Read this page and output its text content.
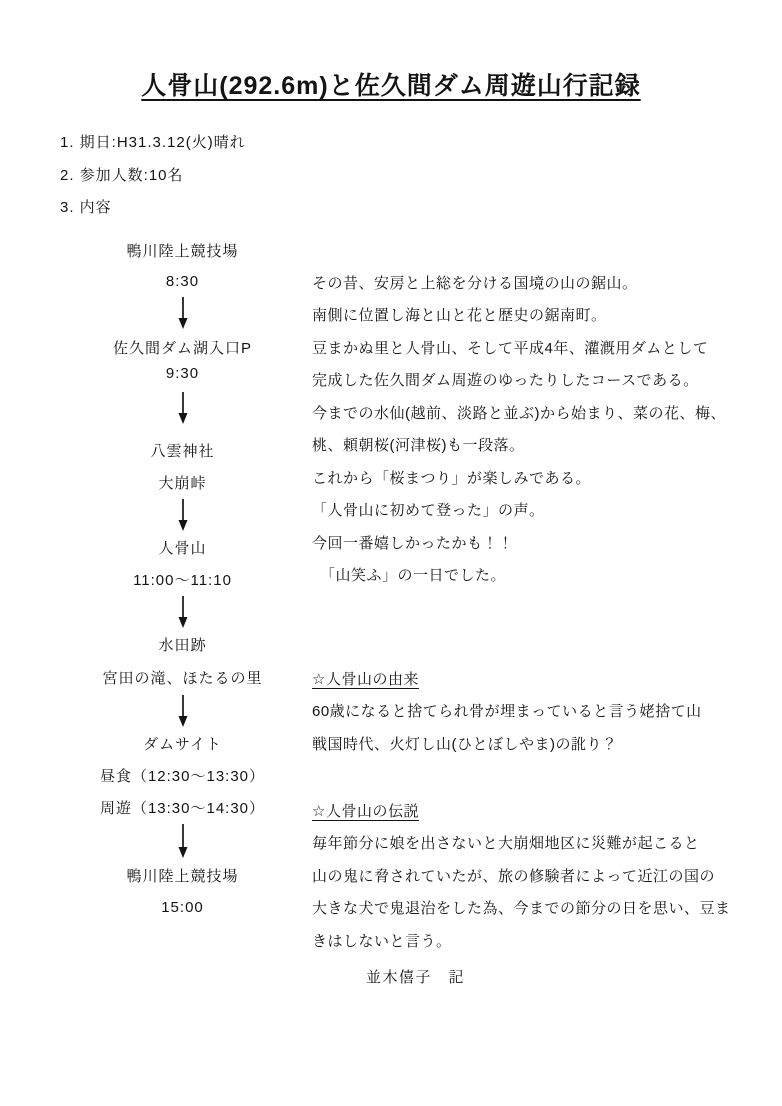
人骨山(292.6m)と佐久間ダム周遊山行記録
1. 期日:H31.3.12(火)晴れ
2. 参加人数:10名
3. 内容
鴨川陸上競技場
8:30
佐久間ダム湖入口P
9:30
八雲神社
大崩峠
人骨山
11:00～11:10
水田跡
宮田の滝、ほたるの里
ダムサイト
昼食（12:30～13:30）
周遊（13:30～14:30）
鴨川陸上競技場
15:00
その昔、安房と上総を分ける国境の山の鋸山。
南側に位置し海と山と花と歴史の鋸南町。
豆まかぬ里と人骨山、そして平成4年、灌漑用ダムとして
完成した佐久間ダム周遊のゆったりしたコースである。
今までの水仙(越前、淡路と並ぶ)から始まり、菜の花、梅、
桃、頼朝桜(河津桜)も一段落。
これから「桜まつり」が楽しみである。
「人骨山に初めて登った」の声。
今回一番嬉しかったかも！！
　「山笑ふ」の一日でした。
☆人骨山の由来
60歳になると捨てられ骨が埋まっていると言う姥捨て山
戦国時代、火灯し山(ひとぼしやま)の訛り？
☆人骨山の伝説
毎年節分に娘を出さないと大崩畑地区に災難が起こると
山の鬼に脅されていたが、旅の修験者によって近江の国の
大きな犬で鬼退治をした為、今までの節分の日を思い、豆ま
きはしないと言う。
並木僖子　記
